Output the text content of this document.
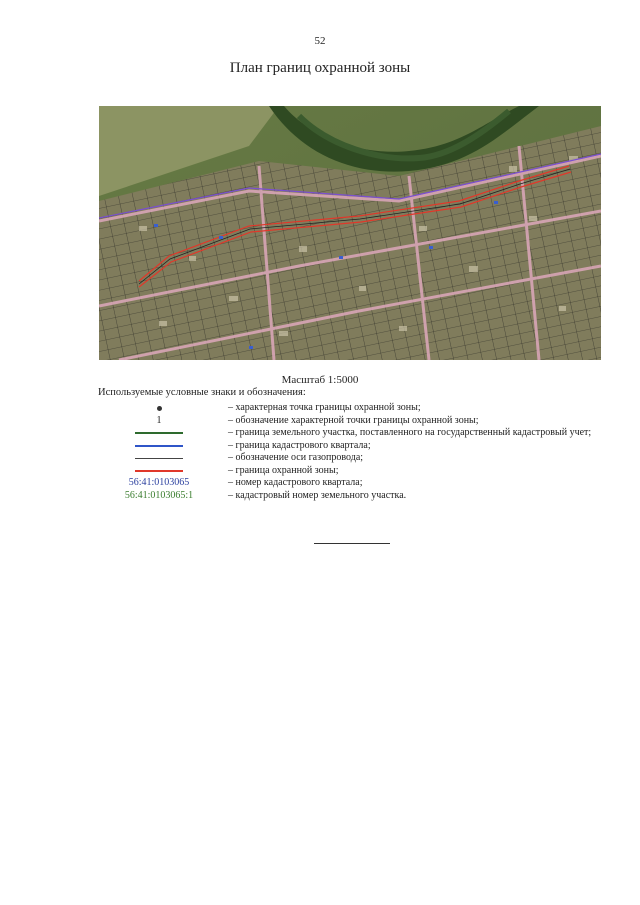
52
План границ охранной зоны
Масштаб 1:5000
Используемые условные знаки и обозначения:
– характерная точка границы охранной зоны;
1	– обозначение характерной точки границы охранной зоны;
– граница земельного участка, поставленного на государственный кадастровый учет;
– граница кадастрового квартала;
– обозначение оси газопровода;
– граница охранной зоны;
56:41:0103065	– номер кадастрового квартала;
56:41:0103065:1	– кадастровый номер земельного участка.
